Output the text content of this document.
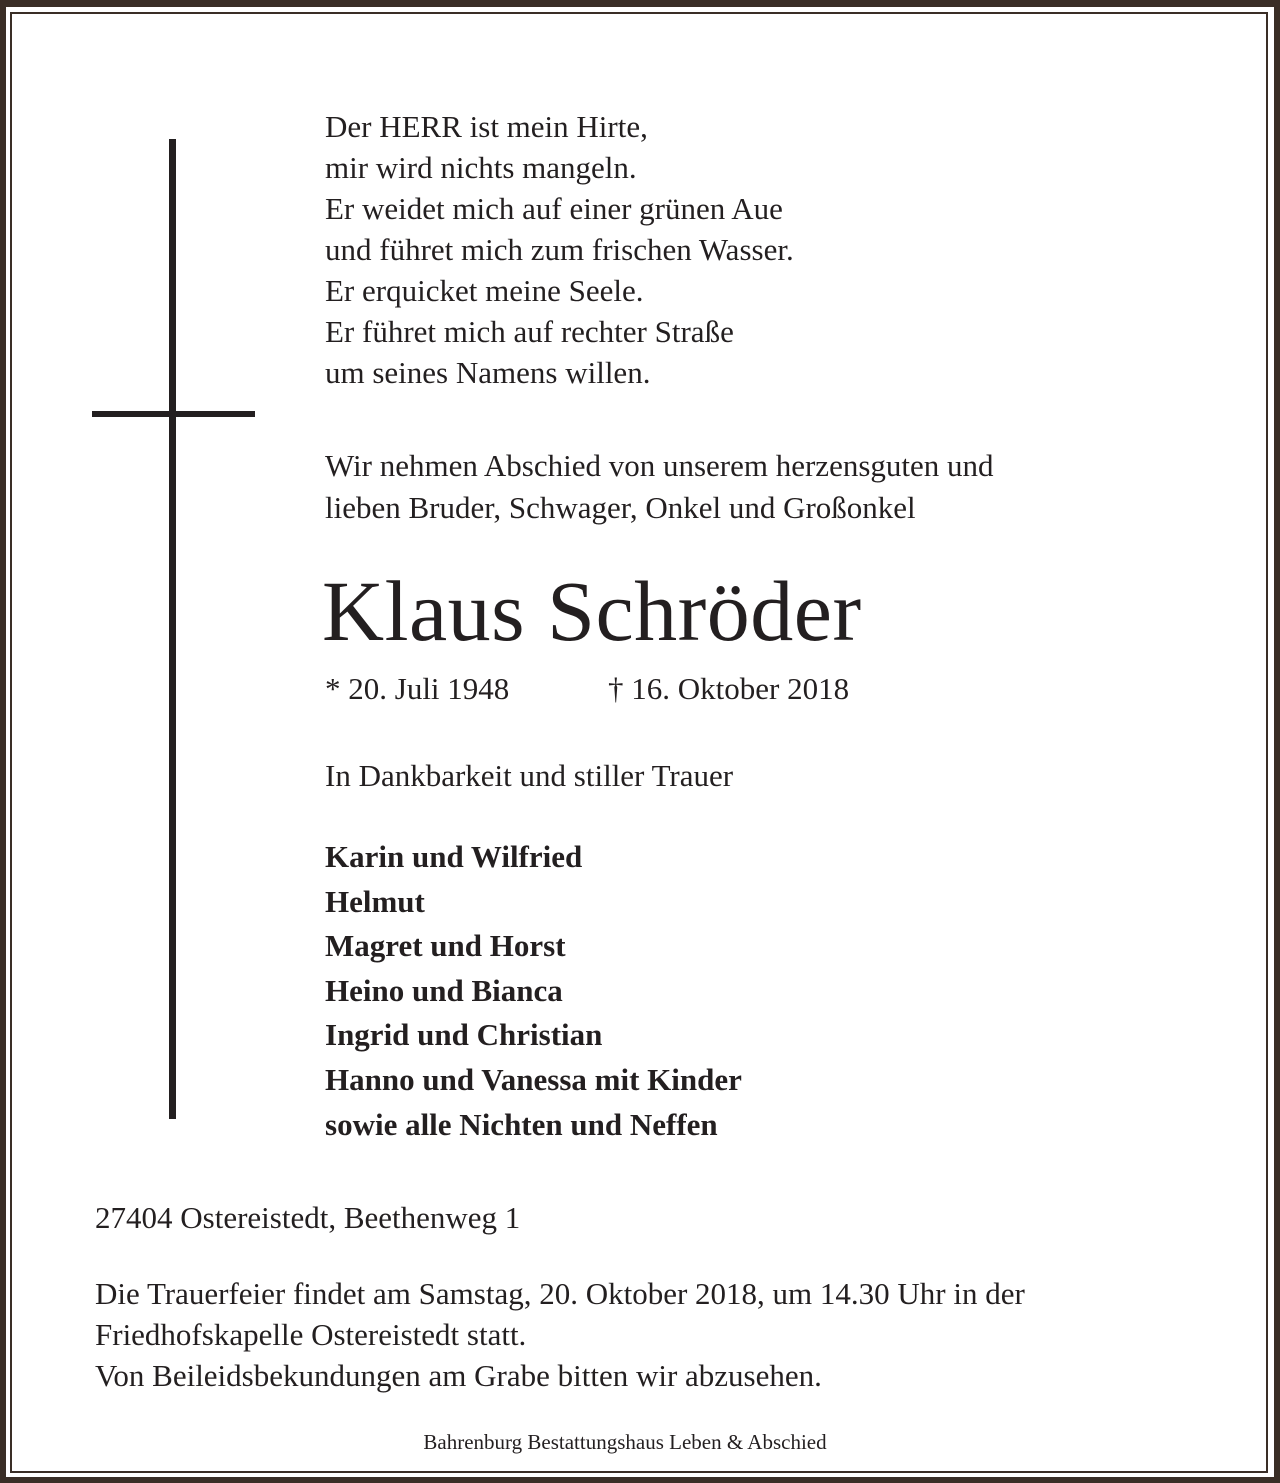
Der HERR ist mein Hirte,
mir wird nichts mangeln.
Er weidet mich auf einer grünen Aue
und führet mich zum frischen Wasser.
Er erquicket meine Seele.
Er führet mich auf rechter Straße
um seines Namens willen.
Wir nehmen Abschied von unserem herzensguten und
lieben Bruder, Schwager, Onkel und Großonkel
Klaus Schröder
* 20. Juli 1948	† 16. Oktober 2018
In Dankbarkeit und stiller Trauer
Karin und Wilfried
Helmut
Magret und Horst
Heino und Bianca
Ingrid und Christian
Hanno und Vanessa mit Kinder
sowie alle Nichten und Neffen
27404 Ostereistedt, Beethenweg 1
Die Trauerfeier findet am Samstag, 20. Oktober 2018, um 14.30 Uhr in der
Friedhofskapelle Ostereistedt statt.
Von Beileidsbekundungen am Grabe bitten wir abzusehen.
Bahrenburg Bestattungshaus Leben & Abschied
